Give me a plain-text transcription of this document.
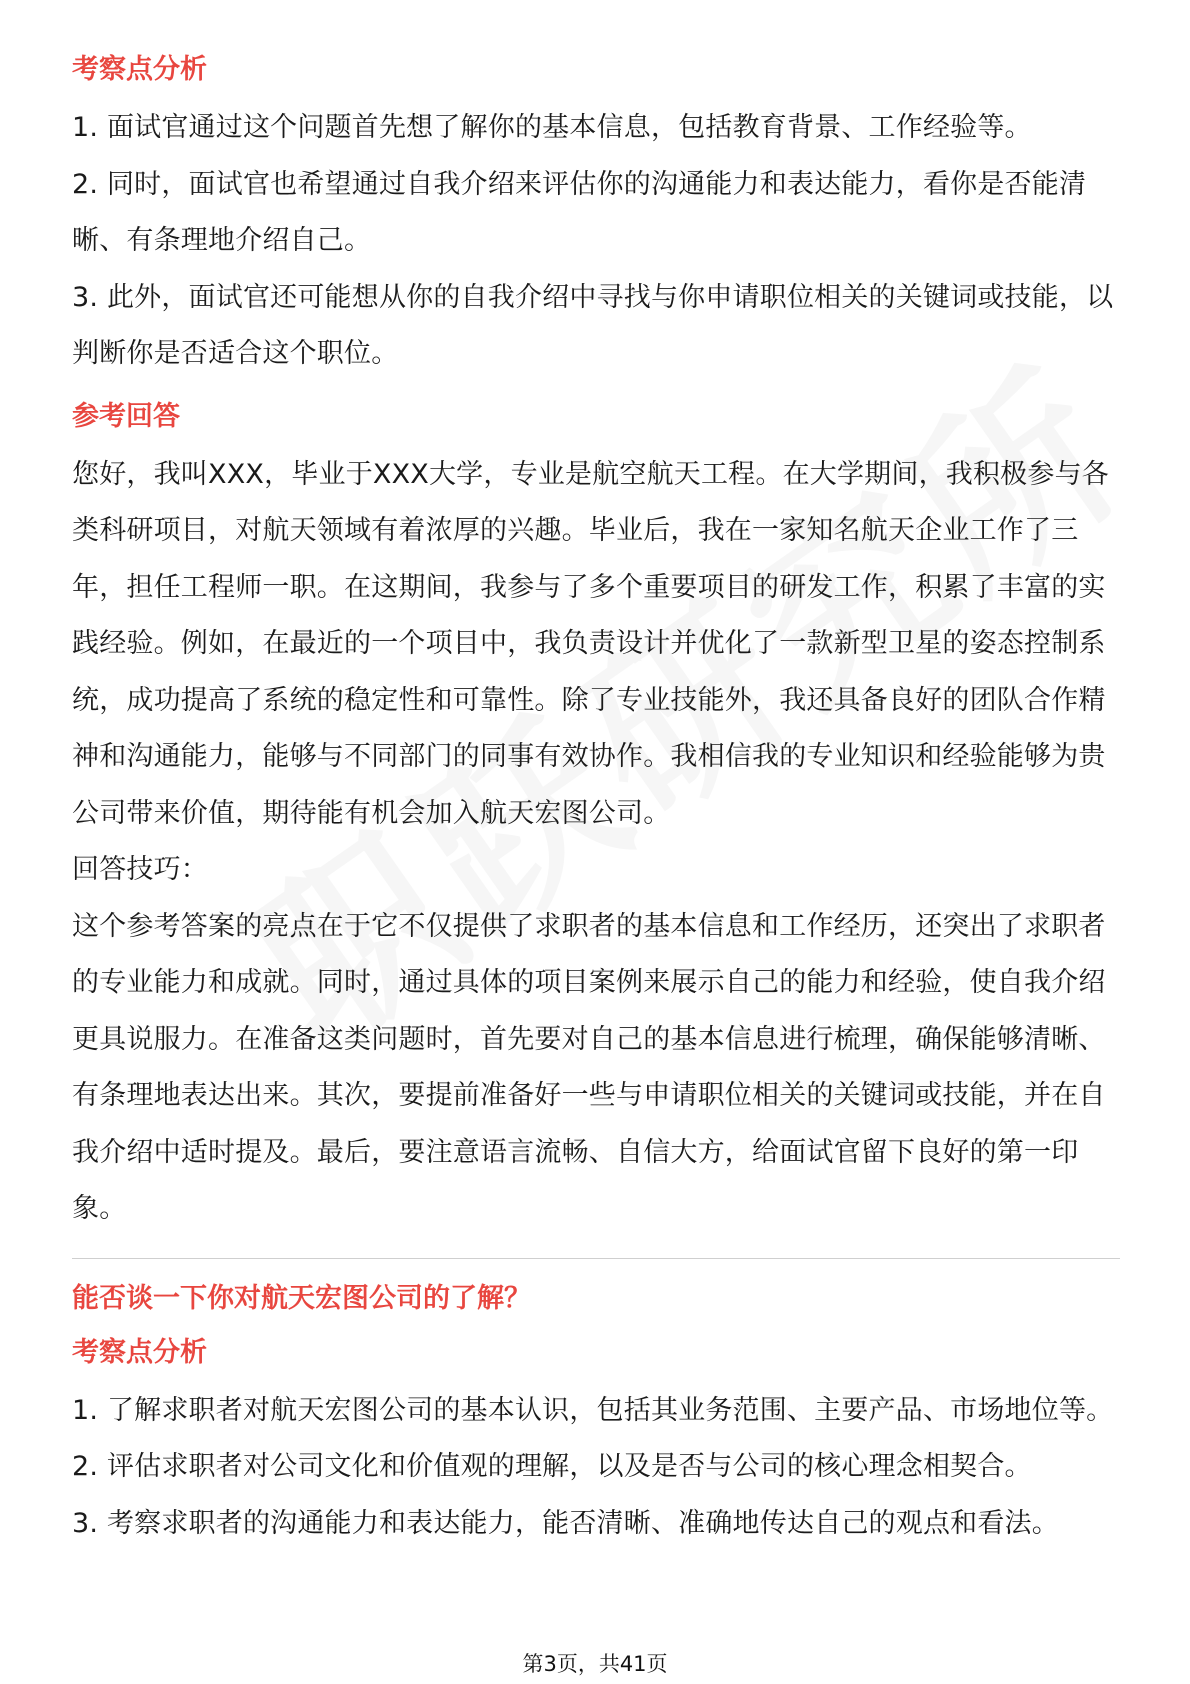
考察点分析

1. 面试官通过这个问题首先想了解你的基本信息，包括教育背景、工作经验等。

2. 同时，面试官也希望通过自我介绍来评估你的沟通能力和表达能力，看你是否能清晰、有条理地介绍自己。

3. 此外，面试官还可能想从你的自我介绍中寻找与你申请职位相关的关键词或技能，以判断你是否适合这个职位。

参考回答

您好，我叫XXX，毕业于XXX大学，专业是航空航天工程。在大学期间，我积极参与各类科研项目，对航天领域有着浓厚的兴趣。毕业后，我在一家知名航天企业工作了三年，担任工程师一职。在这期间，我参与了多个重要项目的研发工作，积累了丰富的实践经验。例如，在最近的一个项目中，我负责设计并优化了一款新型卫星的姿态控制系统，成功提高了系统的稳定性和可靠性。除了专业技能外，我还具备良好的团队合作精神和沟通能力，能够与不同部门的同事有效协作。我相信我的专业知识和经验能够为贵公司带来价值，期待能有机会加入航天宏图公司。

回答技巧：

这个参考答案的亮点在于它不仅提供了求职者的基本信息和工作经历，还突出了求职者的专业能力和成就。同时，通过具体的项目案例来展示自己的能力和经验，使自我介绍更具说服力。在准备这类问题时，首先要对自己的基本信息进行梳理，确保能够清晰、有条理地表达出来。其次，要提前准备好一些与申请职位相关的关键词或技能，并在自我介绍中适时提及。最后，要注意语言流畅、自信大方，给面试官留下良好的第一印象。

能否谈一下你对航天宏图公司的了解？

考察点分析

1. 了解求职者对航天宏图公司的基本认识，包括其业务范围、主要产品、市场地位等。

2. 评估求职者对公司文化和价值观的理解，以及是否与公司的核心理念相契合。

3. 考察求职者的沟通能力和表达能力，能否清晰、准确地传达自己的观点和看法。

第3页，共41页
